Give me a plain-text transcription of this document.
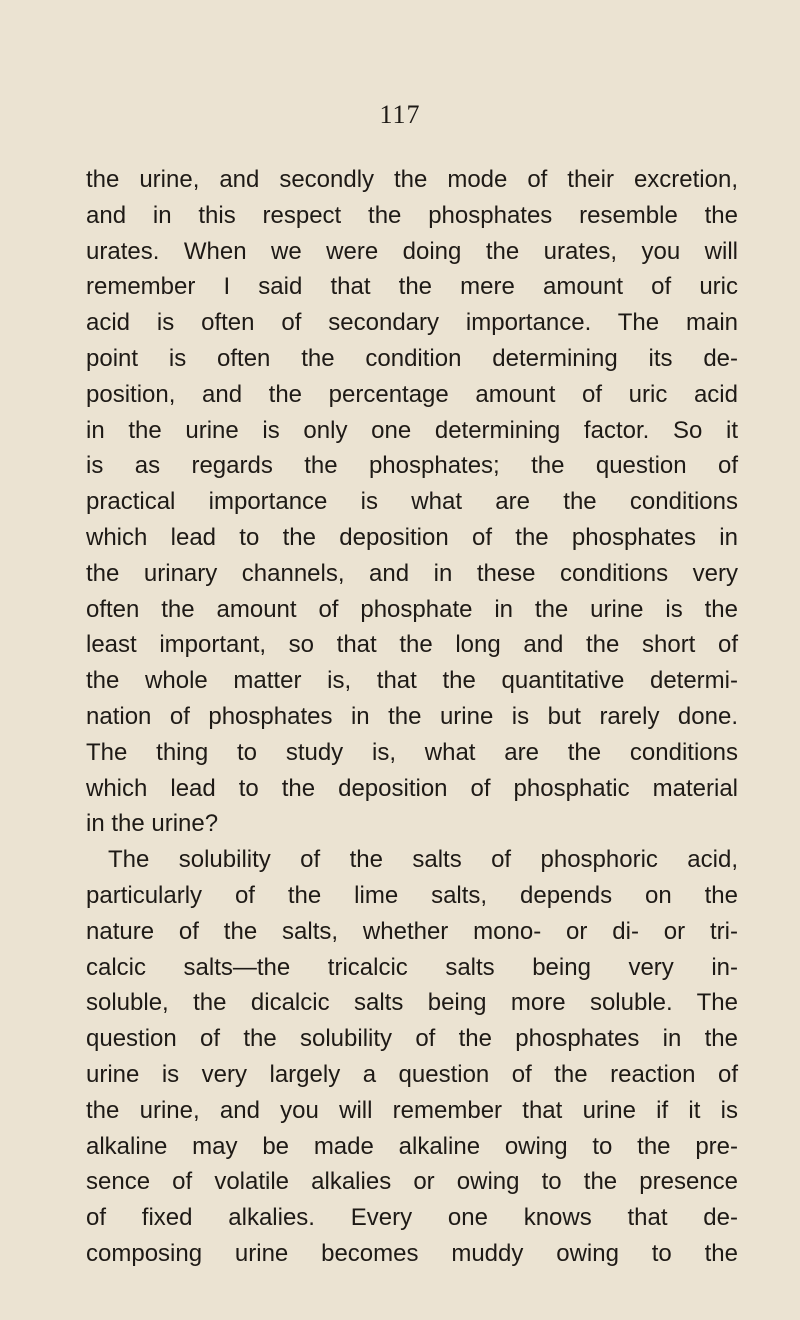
117
the urine, and secondly the mode of their excretion,
and in this respect the phosphates resemble the
urates. When we were doing the urates, you will
remember I said that the mere amount of uric
acid is often of secondary importance. The main
point is often the condition determining its de-
position, and the percentage amount of uric acid
in the urine is only one determining factor. So it
is as regards the phosphates; the question of
practical importance is what are the conditions
which lead to the deposition of the phosphates in
the urinary channels, and in these conditions very
often the amount of phosphate in the urine is the
least important, so that the long and the short of
the whole matter is, that the quantitative determi-
nation of phosphates in the urine is but rarely done.
The thing to study is, what are the conditions
which lead to the deposition of phosphatic material
in the urine?
The solubility of the salts of phosphoric acid,
particularly of the lime salts, depends on the
nature of the salts, whether mono- or di- or tri-
calcic salts—the tricalcic salts being very in-
soluble, the dicalcic salts being more soluble. The
question of the solubility of the phosphates in the
urine is very largely a question of the reaction of
the urine, and you will remember that urine if it is
alkaline may be made alkaline owing to the pre-
sence of volatile alkalies or owing to the presence
of fixed alkalies. Every one knows that de-
composing urine becomes muddy owing to the
